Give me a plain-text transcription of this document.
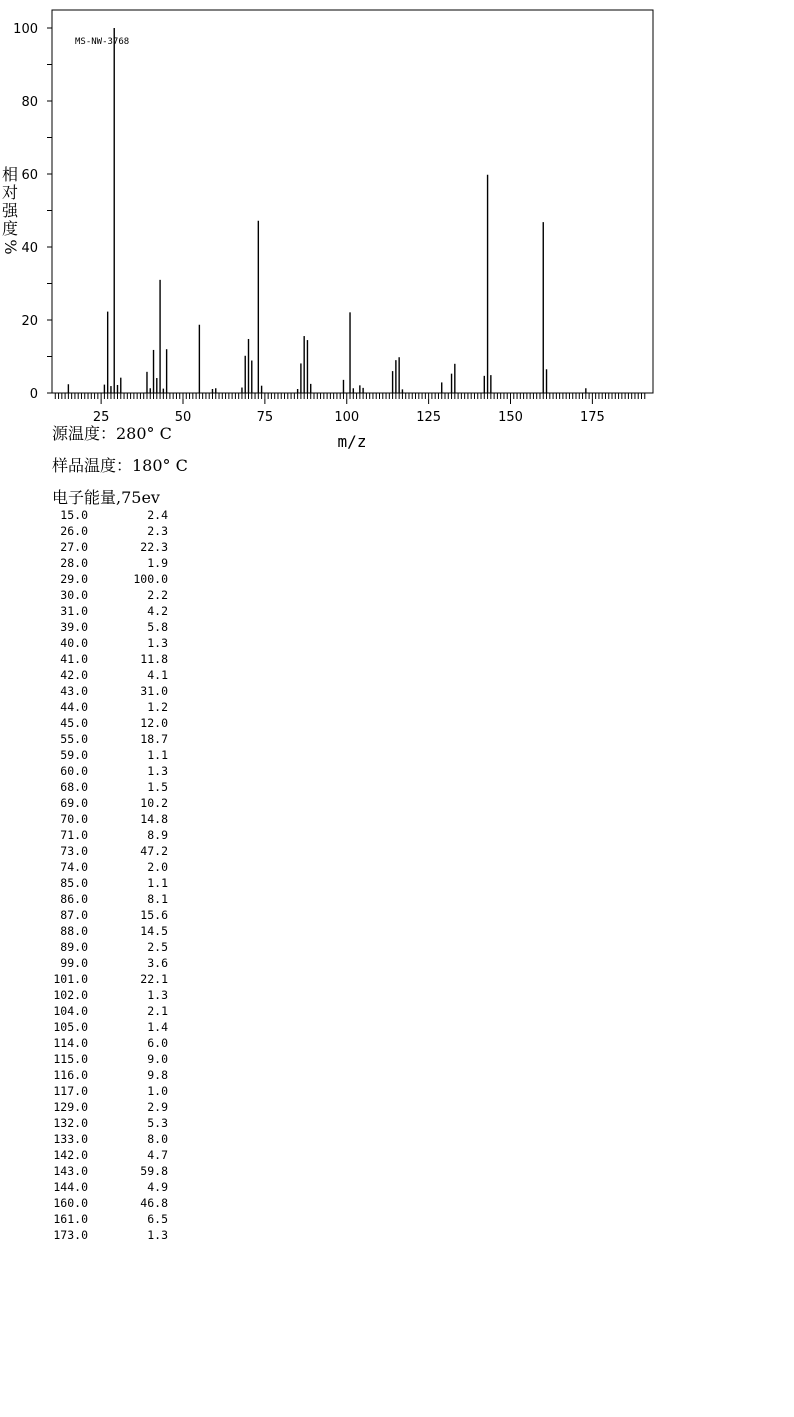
MS-NW-3768
m/z
相
对
强
度
%
0
20
40
60
80
100
25	50	75	100	125	150	175
源温度：280° C
样品温度：180° C
电子能量,75ev
15.0	2.4
26.0	2.3
27.0	22.3
28.0	1.9
29.0	100.0
30.0	2.2
31.0	4.2
39.0	5.8
40.0	1.3
41.0	11.8
42.0	4.1
43.0	31.0
44.0	1.2
45.0	12.0
55.0	18.7
59.0	1.1
60.0	1.3
68.0	1.5
69.0	10.2
70.0	14.8
71.0	8.9
73.0	47.2
74.0	2.0
85.0	1.1
86.0	8.1
87.0	15.6
88.0	14.5
89.0	2.5
99.0	3.6
101.0	22.1
102.0	1.3
104.0	2.1
105.0	1.4
114.0	6.0
115.0	9.0
116.0	9.8
117.0	1.0
129.0	2.9
132.0	5.3
133.0	8.0
142.0	4.7
143.0	59.8
144.0	4.9
160.0	46.8
161.0	6.5
173.0	1.3
